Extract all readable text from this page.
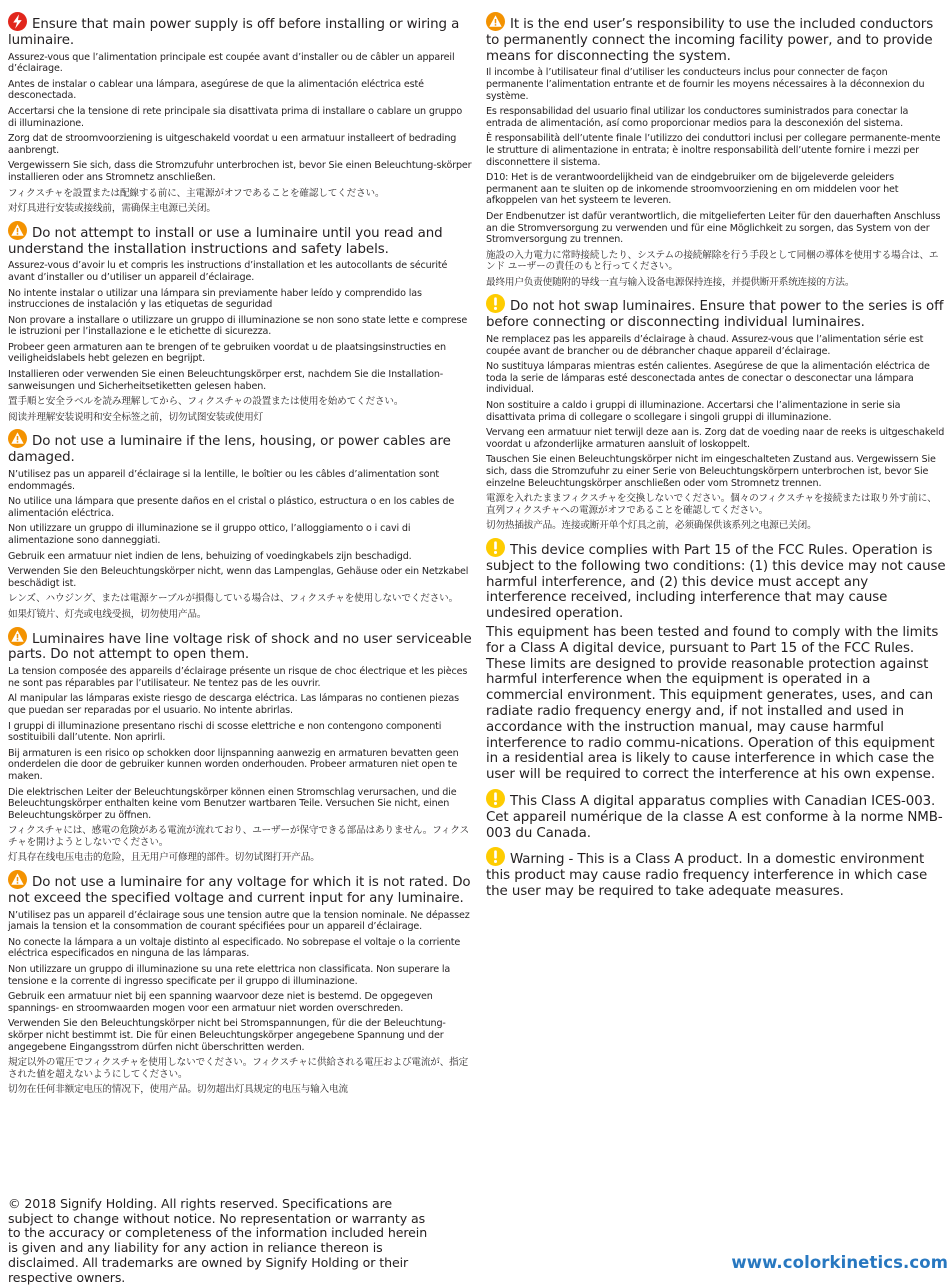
Ensure that main power supply is off before installing or wiring a luminaire.

Assurez-vous que l’alimentation principale est coupée avant d’installer ou de câbler un appareil d’éclairage.

Antes de instalar o cablear una lámpara, asegúrese de que la alimentación eléctrica esté desconectada.

Accertarsi che la tensione di rete principale sia disattivata prima di installare o cablare un gruppo di illuminazione.

Zorg dat de stroomvoorziening is uitgeschakeld voordat u een armatuur installeert of bedrading aanbrengt.

Vergewissern Sie sich, dass die Stromzufuhr unterbrochen ist, bevor Sie einen Beleuchtung-skörper installieren oder ans Stromnetz anschließen.

フィクスチャを設置または配線する前に、主電源がオフであることを確認してください。

对灯具进行安装或接线前，需确保主电源已关闭。

Do not attempt to install or use a luminaire until you read and understand the installation instructions and safety labels.

Assurez-vous d’avoir lu et compris les instructions d’installation et les autocollants de sécurité avant d’installer ou d’utiliser un appareil d’éclairage.

No intente instalar o utilizar una lámpara sin previamente haber leído y comprendido las instrucciones de instalación y las etiquetas de seguridad

Non provare a installare o utilizzare un gruppo di illuminazione se non sono state lette e comprese le istruzioni per l’installazione e le etichette di sicurezza.

Probeer geen armaturen aan te brengen of te gebruiken voordat u de plaatsingsinstructies en veiligheidslabels hebt gelezen en begrijpt.

Installieren oder verwenden Sie einen Beleuchtungskörper erst, nachdem Sie die Installation-sanweisungen und Sicherheitsetiketten gelesen haben.

置手順と安全ラベルを読み理解してから、フィクスチャの設置または使用を始めてください。

阅读并理解安装说明和安全标签之前，切勿试图安装或使用灯

Do not use a luminaire if the lens, housing, or power cables are damaged.

N’utilisez pas un appareil d’éclairage si la lentille, le boîtier ou les câbles d’alimentation sont endommagés.

No utilice una lámpara que presente daños en el cristal o plástico, estructura o en los cables de alimentación eléctrica.

Non utilizzare un gruppo di illuminazione se il gruppo ottico, l’alloggiamento o i cavi di alimentazione sono danneggiati.

Gebruik een armatuur niet indien de lens, behuizing of voedingkabels zijn beschadigd.

Verwenden Sie den Beleuchtungskörper nicht, wenn das Lampenglas, Gehäuse oder ein Netzkabel beschädigt ist.

レンズ、ハウジング、または電源ケーブルが損傷している場合は、フィクスチャを使用しないでください。

如果灯镜片、灯壳或电线受损，切勿使用产品。

Luminaires have line voltage risk of shock and no user serviceable parts. Do not attempt to open them.

La tension composée des appareils d’éclairage présente un risque de choc électrique et les pièces ne sont pas réparables par l’utilisateur. Ne tentez pas de les ouvrir.

Al manipular las lámparas existe riesgo de descarga eléctrica. Las lámparas no contienen piezas que puedan ser reparadas por el usuario. No intente abrirlas.

I gruppi di illuminazione presentano rischi di scosse elettriche e non contengono componenti sostituibili dall’utente. Non aprirli.

Bij armaturen is een risico op schokken door lijnspanning aanwezig en armaturen bevatten geen onderdelen die door de gebruiker kunnen worden onderhouden. Probeer armaturen niet open te maken.

Die elektrischen Leiter der Beleuchtungskörper können einen Stromschlag verursachen, und die Beleuchtungskörper enthalten keine vom Benutzer wartbaren Teile. Versuchen Sie nicht, einen Beleuchtungskörper zu öffnen.

フィクスチャには、感電の危険がある電流が流れており、ユーザーが保守できる部品はありません。フィクスチャを開けようとしないでください。

灯具存在线电压电击的危险，且无用户可修理的部件。切勿试图打开产品。

Do not use a luminaire for any voltage for which it is not rated. Do not exceed the specified voltage and current input for any luminaire.

N’utilisez pas un appareil d’éclairage sous une tension autre que la tension nominale. Ne dépassez jamais la tension et la consommation de courant spécifiées pour un appareil d’éclairage.

No conecte la lámpara a un voltaje distinto al especificado. No sobrepase el voltaje o la corriente eléctrica especificados en ninguna de las lámparas.

Non utilizzare un gruppo di illuminazione su una rete elettrica non classificata. Non superare la tensione e la corrente di ingresso specificate per il gruppo di illuminazione.

Gebruik een armatuur niet bij een spanning waarvoor deze niet is bestemd. De opgegeven spannings- en stroomwaarden mogen voor een armatuur niet worden overschreden.

Verwenden Sie den Beleuchtungskörper nicht bei Stromspannungen, für die der Beleuchtung-skörper nicht bestimmt ist. Die für einen Beleuchtungskörper angegebene Spannung und der angegebene Eingangsstrom dürfen nicht überschritten werden.

規定以外の電圧でフィクスチャを使用しないでください。フィクスチャに供給される電圧および電流が、指定された値を超えないようにしてください。

切勿在任何非额定电压的情况下，使用产品。切勿超出灯具规定的电压与输入电流

It is the end user’s responsibility to use the included conductors to permanently connect the incoming facility power, and to provide means for disconnecting the system.

Il incombe à l’utilisateur final d’utiliser les conducteurs inclus pour connecter de façon permanente l’alimentation entrante et de fournir les moyens nécessaires à la déconnexion du système.

Es responsabilidad del usuario final utilizar los conductores suministrados para conectar la entrada de alimentación, así como proporcionar medios para la desconexión del sistema.

È responsabilità dell’utente finale l’utilizzo dei conduttori inclusi per collegare permanente-mente le strutture di alimentazione in entrata; è inoltre responsabilità dell’utente fornire i mezzi per disconnettere il sistema.

D10: Het is de verantwoordelijkheid van de eindgebruiker om de bijgeleverde geleiders permanent aan te sluiten op de inkomende stroomvoorziening en om middelen voor het afkoppelen van het systeem te leveren.

Der Endbenutzer ist dafür verantwortlich, die mitgelieferten Leiter für den dauerhaften Anschluss an die Stromversorgung zu verwenden und für eine Möglichkeit zu sorgen, das System von der Stromversorgung zu trennen.

施設の入力電力に常時接続したり、システムの接続解除を行う手段として同梱の導体を使用する場合は、エンド ユーザーの責任のもと行ってください。

最终用户负责使随附的导线一直与输入设备电源保持连接，并提供断开系统连接的方法。

Do not hot swap luminaires. Ensure that power to the series is off before connecting or disconnecting individual luminaires.

Ne remplacez pas les appareils d’éclairage à chaud. Assurez-vous que l’alimentation série est coupée avant de brancher ou de débrancher chaque appareil d’éclairage.

No sustituya lámparas mientras estén calientes. Asegúrese de que la alimentación eléctrica de toda la serie de lámparas esté desconectada antes de conectar o desconectar una lámpara individual.

Non sostituire a caldo i gruppi di illuminazione. Accertarsi che l’alimentazione in serie sia disattivata prima di collegare o scollegare i singoli gruppi di illuminazione.

Vervang een armatuur niet terwijl deze aan is. Zorg dat de voeding naar de reeks is uitgeschakeld voordat u afzonderlijke armaturen aansluit of loskoppelt.

Tauschen Sie einen Beleuchtungskörper nicht im eingeschalteten Zustand aus. Vergewissern Sie sich, dass die Stromzufuhr zu einer Serie von Beleuchtungskörpern unterbrochen ist, bevor Sie einzelne Beleuchtungskörper anschließen oder vom Stromnetz trennen.

電源を入れたままフィクスチャを交換しないでください。個々のフィクスチャを接続または取り外す前に、直列フィクスチャへの電源がオフであることを確認してください。

切勿热插拔产品。连接或断开单个灯具之前，必须确保供该系列之电源已关闭。

This device complies with Part 15 of the FCC Rules. Operation is subject to the following two conditions: (1) this device may not cause harmful interference, and (2) this device must accept any interference received, including interference that may cause undesired operation.

This equipment has been tested and found to comply with the limits for a Class A digital device, pursuant to Part 15 of the FCC Rules. These limits are designed to provide reasonable protection against harmful interference when the equipment is operated in a commercial environment. This equipment generates, uses, and can radiate radio frequency energy and, if not installed and used in accordance with the instruction manual, may cause harmful interference to radio commu-nications. Operation of this equipment in a residential area is likely to cause interference in which case the user will be required to correct the interference at his own expense.

This Class A digital apparatus complies with Canadian ICES-003. Cet appareil numérique de la classe A est conforme à la norme NMB-003 du Canada.
Warning - This is a Class A product. In a domestic environment this product may cause radio frequency interference in which case the user may be required to take adequate measures.
© 2018 Signify Holding. All rights reserved. Specifications are subject to change without notice. No representation or warranty as to the accuracy or completeness of the information included herein is given and any liability for any action in reliance thereon is disclaimed. All trademarks are owned by Signify Holding or their respective owners.
www.colorkinetics.com
